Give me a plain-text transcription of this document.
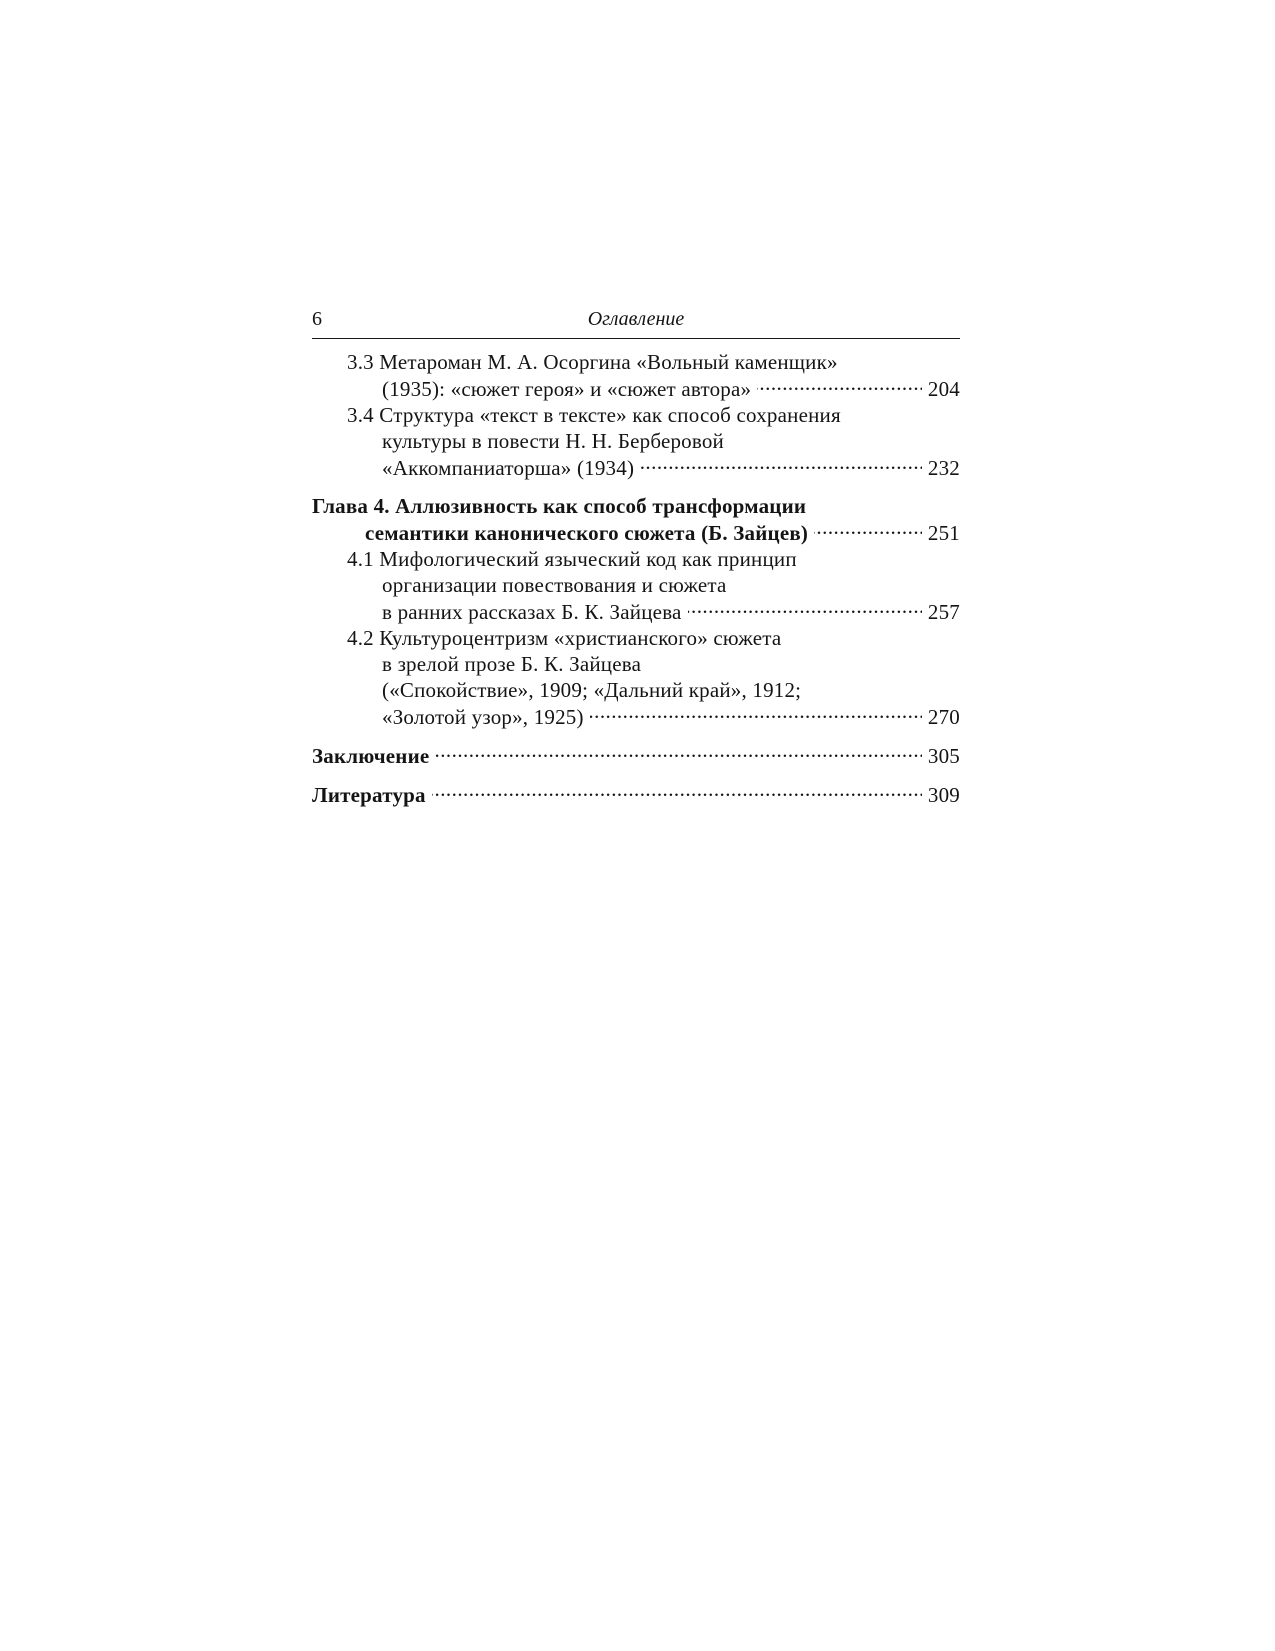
6	Оглавление
3.3 Метароман М. А. Осоргина «Вольный каменщик»
(1935): «сюжет героя» и «сюжет автора» . . .	204
3.4 Структура «текст в тексте» как способ сохранения
культуры в повести Н. Н. Берберовой
«Аккомпаниаторша» (1934) . . .	232
Глава 4. Аллюзивность как способ трансформации
семантики канонического сюжета (Б. Зайцев) . . .	251
4.1 Мифологический языческий код как принцип
организации повествования и сюжета
в ранних рассказах Б. К. Зайцева . . .	257
4.2 Культуроцентризм «христианского» сюжета
в зрелой прозе Б. К. Зайцева
(«Спокойствие», 1909; «Дальний край», 1912;
«Золотой узор», 1925) . . .	270
Заключение . . .	305
Литература . . .	309
